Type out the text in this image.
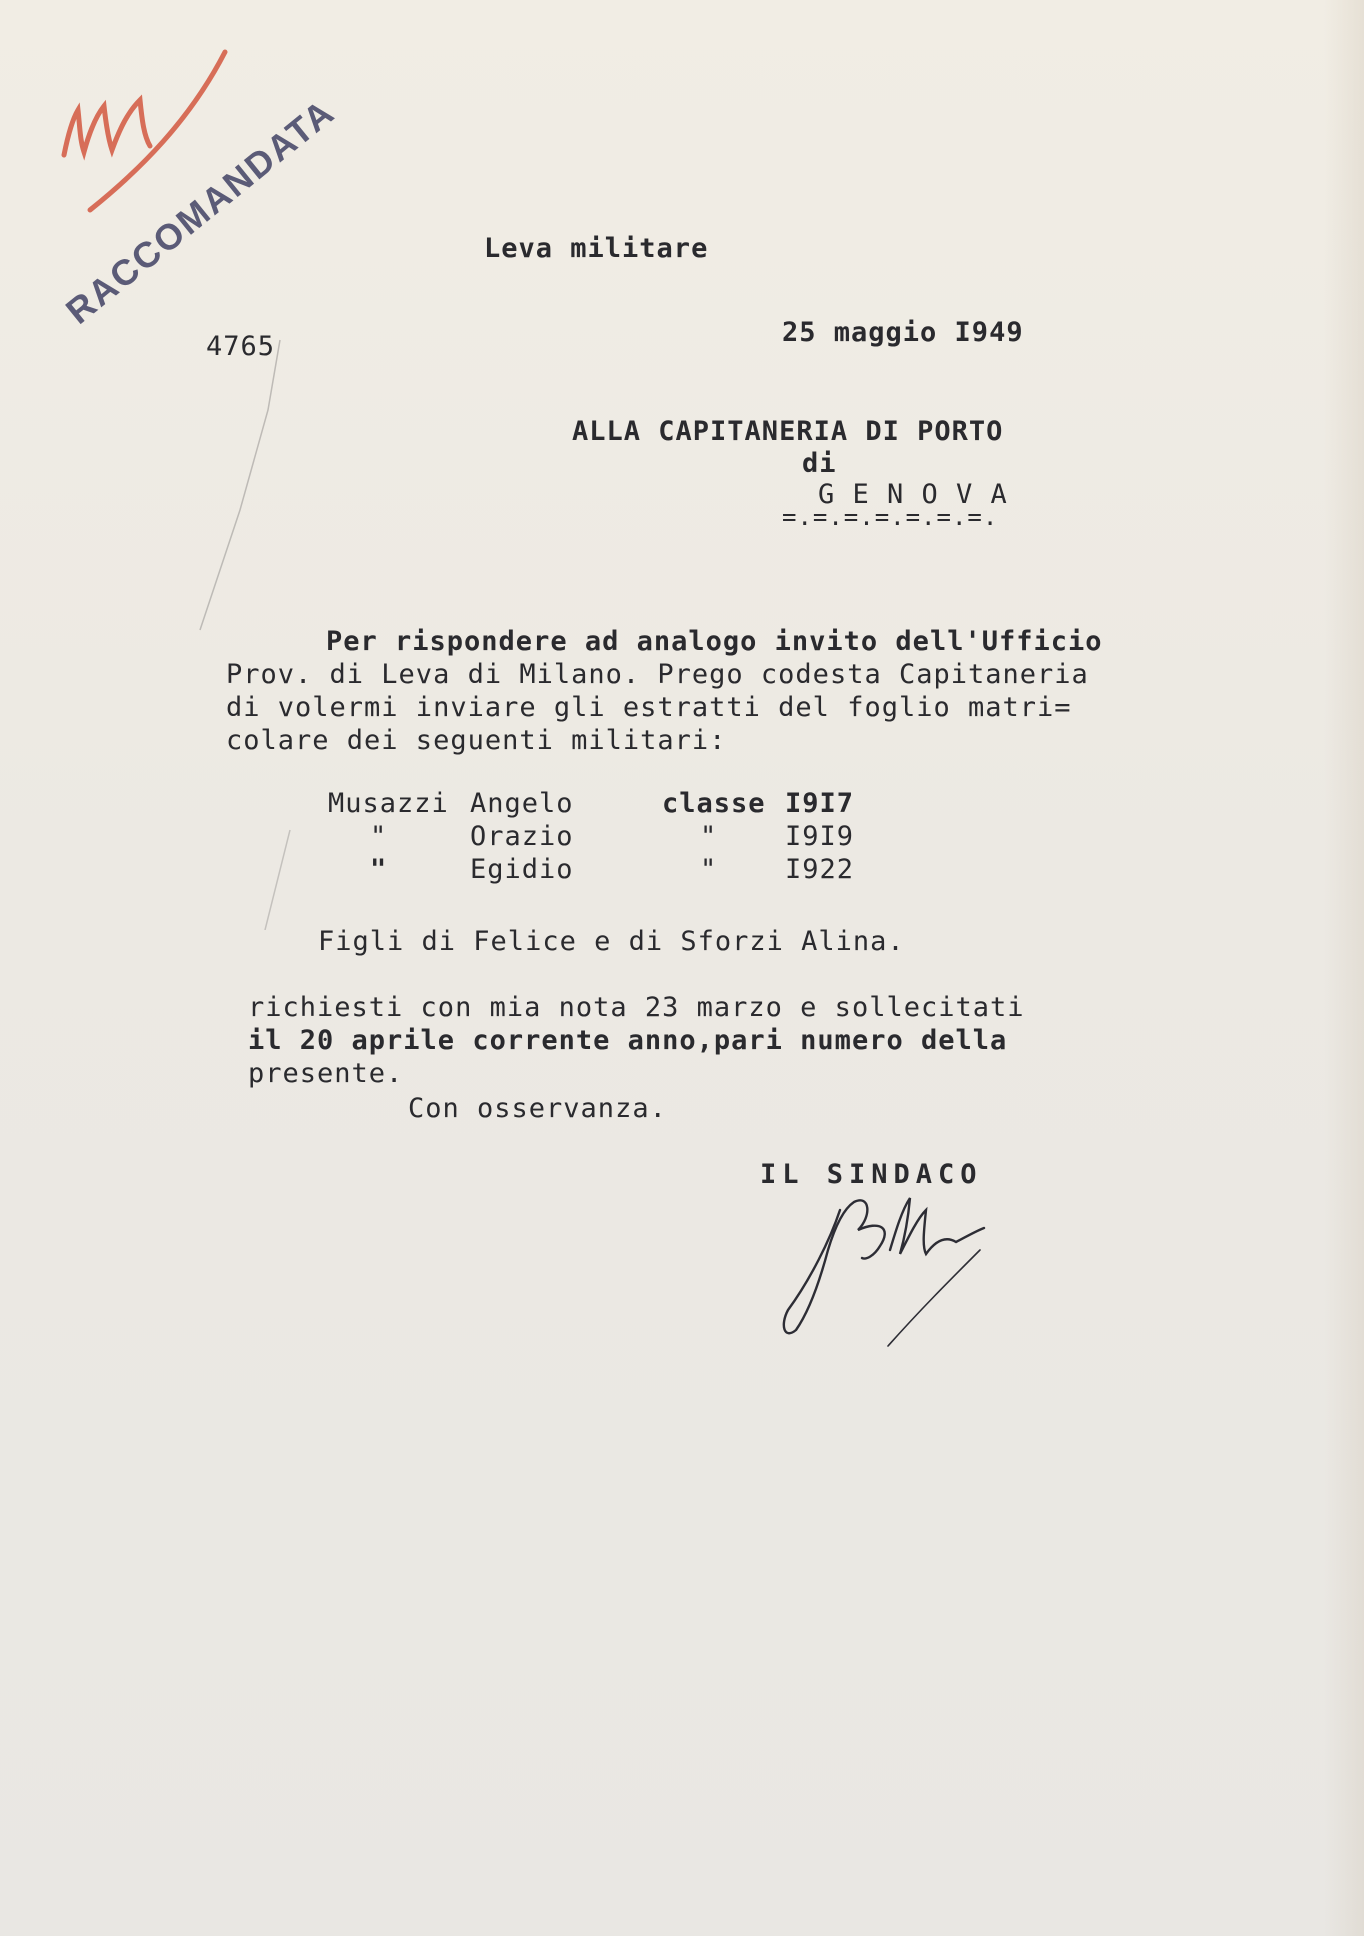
RACCOMANDATA	Leva militare
4765	25 maggio I949
ALLA CAPITANERIA DI PORTO
di
G E N O V A
=.=.=.=.=.=.=.
Per rispondere ad analogo invito dell'Ufficio
Prov. di Leva di Milano. Prego codesta Capitaneria
di volermi inviare gli estratti del foglio matri=
colare dei seguenti militari:
Musazzi Angelo	classe I9I7
"	Orazio	"	I9I9
"	Egidio	"	I922
Figli di Felice e di Sforzi Alina.
richiesti con mia nota 23 marzo e sollecitati
il 20 aprile corrente anno,pari numero della
presente.
Con osservanza.
IL SINDACO
